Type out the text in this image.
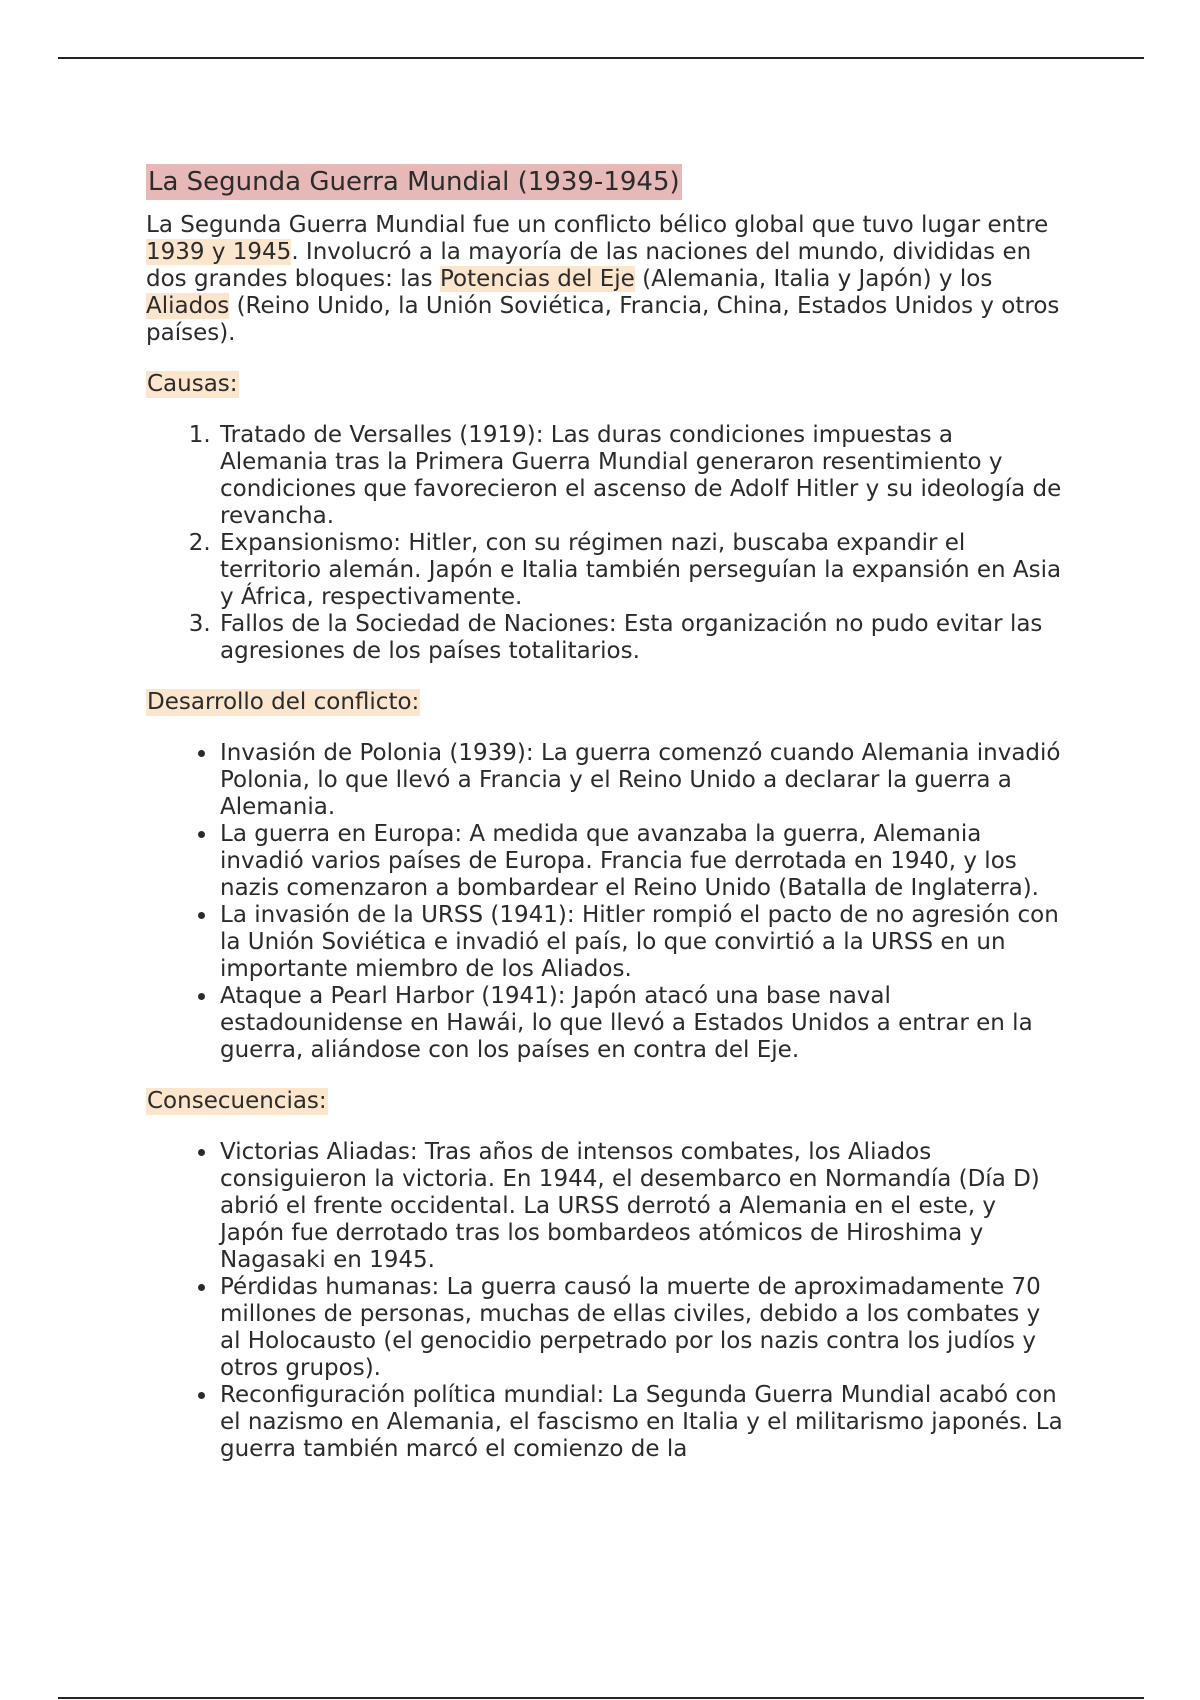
La Segunda Guerra Mundial (1939-1945)

La Segunda Guerra Mundial fue un conflicto bélico global que tuvo lugar entre 1939 y 1945. Involucró a la mayoría de las naciones del mundo, divididas en dos grandes bloques: las Potencias del Eje (Alemania, Italia y Japón) y los Aliados (Reino Unido, la Unión Soviética, Francia, China, Estados Unidos y otros países).

Causas:
1. Tratado de Versalles (1919): Las duras condiciones impuestas a Alemania tras la Primera Guerra Mundial generaron resentimiento y condiciones que favorecieron el ascenso de Adolf Hitler y su ideología de revancha.
2. Expansionismo: Hitler, con su régimen nazi, buscaba expandir el territorio alemán. Japón e Italia también perseguían la expansión en Asia y África, respectivamente.
3. Fallos de la Sociedad de Naciones: Esta organización no pudo evitar las agresiones de los países totalitarios.
Desarrollo del conflicto:
• Invasión de Polonia (1939): La guerra comenzó cuando Alemania invadió Polonia, lo que llevó a Francia y el Reino Unido a declarar la guerra a Alemania.
• La guerra en Europa: A medida que avanzaba la guerra, Alemania invadió varios países de Europa. Francia fue derrotada en 1940, y los nazis comenzaron a bombardear el Reino Unido (Batalla de Inglaterra).
• La invasión de la URSS (1941): Hitler rompió el pacto de no agresión con la Unión Soviética e invadió el país, lo que convirtió a la URSS en un importante miembro de los Aliados.
• Ataque a Pearl Harbor (1941): Japón atacó una base naval estadounidense en Hawái, lo que llevó a Estados Unidos a entrar en la guerra, aliándose con los países en contra del Eje.
Consecuencias:
• Victorias Aliadas: Tras años de intensos combates, los Aliados consiguieron la victoria. En 1944, el desembarco en Normandía (Día D) abrió el frente occidental. La URSS derrotó a Alemania en el este, y Japón fue derrotado tras los bombardeos atómicos de Hiroshima y Nagasaki en 1945.
• Pérdidas humanas: La guerra causó la muerte de aproximadamente 70 millones de personas, muchas de ellas civiles, debido a los combates y al Holocausto (el genocidio perpetrado por los nazis contra los judíos y otros grupos).
• Reconfiguración política mundial: La Segunda Guerra Mundial acabó con el nazismo en Alemania, el fascismo en Italia y el militarismo japonés. La guerra también marcó el comienzo de la
